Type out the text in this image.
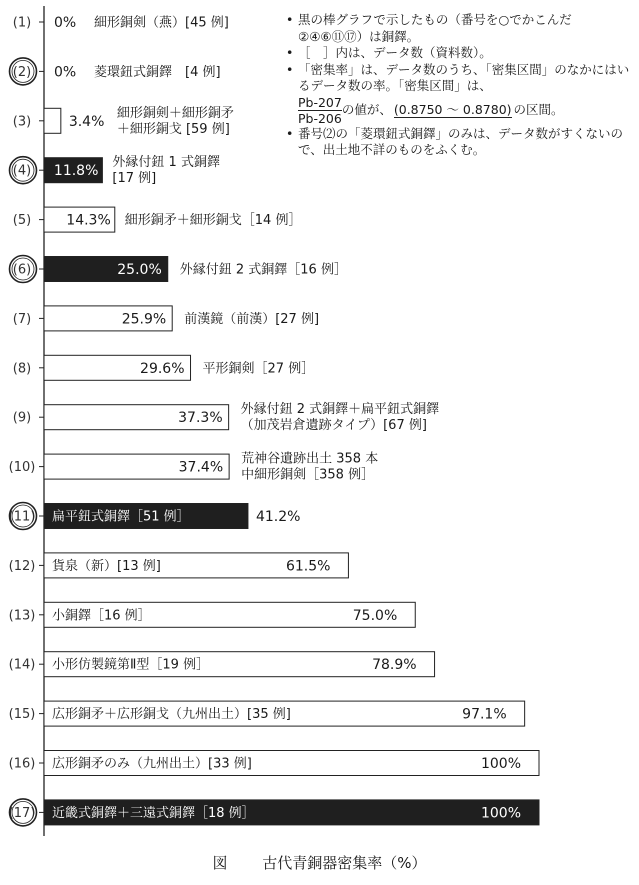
(1) 0% 細形銅剣（燕）[45 例]
(2) 0% 菱環鈕式銅鐸　[4 例]
(3)	3.4%
細形銅剣＋細形銅矛
＋細形銅戈 [59 例]
(4) 11.8%
外縁付鈕 1 式銅鐸
[17 例]
(5)	14.3% 細形銅矛＋細形銅戈［14 例］
(6)	25.0% 外縁付鈕 2 式銅鐸［16 例］
(7)	25.9% 前漢鏡（前漢）[27 例]
(8)	29.6% 平形銅剣［27 例］
(9)	37.3%
外縁付鈕 2 式銅鐸＋扁平鈕式銅鐸
（加茂岩倉遺跡タイプ）[67 例]
(10)	37.4%
荒神谷遺跡出土 358 本
中細形銅剣［358 例］
(11) 扁平鈕式銅鐸［51 例］	41.2%
(12) 貨泉（新）[13 例]	61.5%
(13) 小銅鐸［16 例］	75.0%
(14) 小形仿製鏡第Ⅱ型［19 例］	78.9%
(15) 広形銅矛＋広形銅戈（九州出土）[35 例]	97.1%
(16) 広形銅矛のみ（九州出土）[33 例]	100%
(17) 近畿式銅鐸＋三遠式銅鐸［18 例］	100%
• 黒の棒グラフで示したもの（番号を○でかこんだ②④⑥⑪⑰）は銅鐸。
• ［　］内は、データ数（資料数）。
• 「密集率」は、データ数のうち、「密集区間」のなかにはいるデータ数の率。「密集区間」は、

$\frac{Pb-207}{Pb-206}$ の値が、 (0.8750 ～ 0.8780) の区間。
• 番号⑵の「菱環鈕式銅鐸」のみは、データ数がすくないので、出土地不詳のものをふくむ。
図 古代青銅器密集率（%）
